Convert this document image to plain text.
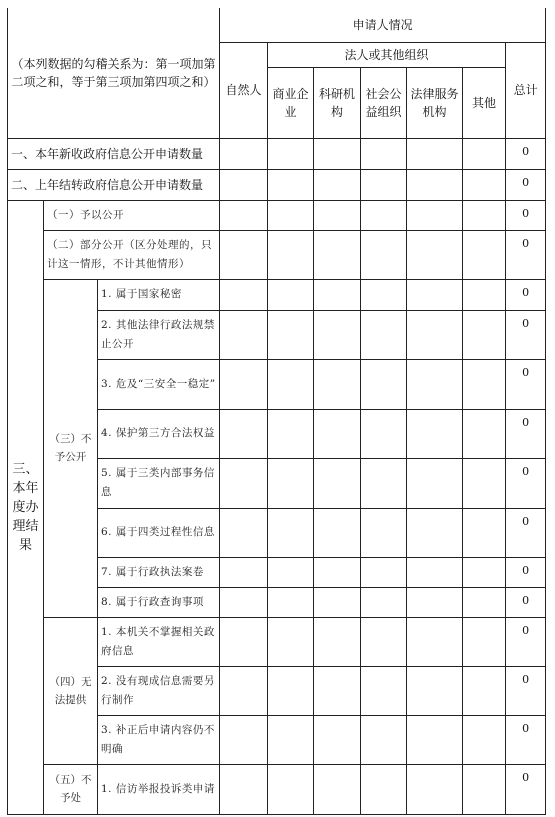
（本列数据的勾稽关系为：第一项加第二项之和，等于第三项加第四项之和）			申请人情况						
			自然人	法人或其他组织					总计
				商业企业	科研机构	社会公益组织	法律服务机构	其他	
一、本年新收政府信息公开申请数量									0
二、上年结转政府信息公开申请数量									0
三、本年度办理结果	（一）予以公开								0
	（二）部分公开（区分处理的，只计这一情形，不计其他情形）								0
	（三）不予公开	1. 属于国家秘密							0
		2. 其他法律行政法规禁止公开							0
		3. 危及“三安全一稳定”							0
		4. 保护第三方合法权益							0
		5. 属于三类内部事务信息							0
		6. 属于四类过程性信息							0
		7. 属于行政执法案卷							0
		8. 属于行政查询事项							0
	（四）无法提供	1. 本机关不掌握相关政府信息							0
		2. 没有现成信息需要另行制作							0
		3. 补正后申请内容仍不明确							0
	（五）不予处	1. 信访举报投诉类申请							0
